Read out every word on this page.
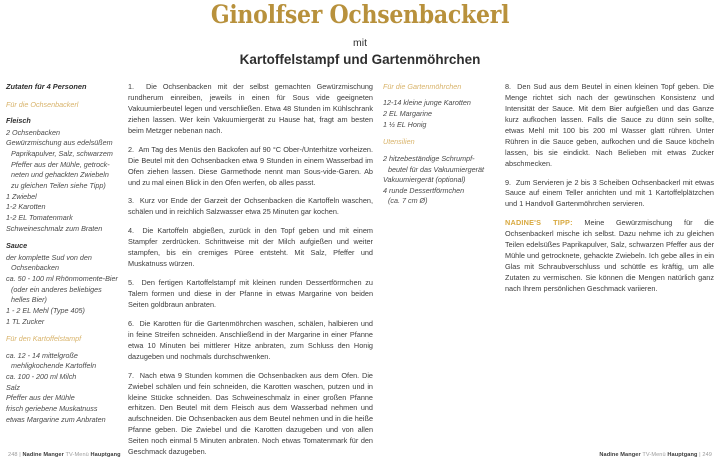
Ginolfser Ochsenbackerl
mit
Kartoffelstampf und Gartenmöhrchen
Zutaten für 4 Personen
Für die Ochsenbackerl
Fleisch
2 Ochsenbacken
Gewürzmischung aus edelsüßem
Paprikapulver, Salz, schwarzem
Pfeffer aus der Mühle, getrock-
neten und gehackten Zwiebeln
zu gleichen Teilen siehe Tipp)
1 Zwiebel
1-2 Karotten
1-2 EL Tomatenmark
Schweineschmalz zum Braten
Sauce
der komplette Sud von den
Ochsenbacken
ca. 50 - 100 ml Rhönmomente-Bier
(oder ein anderes beliebiges
helles Bier)
1 - 2 EL Mehl (Type 405)
1 TL Zucker
Für den Kartoffelstampf
ca. 12 - 14 mittelgroße
mehligkochende Kartoffeln
ca. 100 - 200 ml Milch
Salz
Pfeffer aus der Mühle
frisch geriebene Muskatnuss
etwas Margarine zum Anbraten

1. Die Ochsenbacken mit der selbst gemachten Gewürzmischung rundherum einreiben, jeweils in einen für Sous vide geeigneten Vakuumierbeutel legen und verschließen. Etwa 48 Stunden im Kühlschrank ziehen lassen. Wer kein Vakuumiergerät zu Hause hat, fragt am besten beim Metzger nebenan nach.

2. Am Tag des Menüs den Backofen auf 90 °C Ober-/Unterhitze vorheizen. Die Beutel mit den Ochsenbacken etwa 9 Stunden in einem Wasserbad im Ofen ziehen lassen. Diese Garmethode nennt man Sous-vide-Garen. Ab und zu mal einen Blick in den Ofen werfen, ob alles passt.

3. Kurz vor Ende der Garzeit der Ochsenbacken die Kartoffeln waschen, schälen und in reichlich Salzwasser etwa 25 Minuten gar kochen.

4. Die Kartoffeln abgießen, zurück in den Topf geben und mit einem Stampfer zerdrücken. Schrittweise mit der Milch aufgießen und weiter stampfen, bis ein cremiges Püree entsteht. Mit Salz, Pfeffer und Muskatnuss würzen.

5. Den fertigen Kartoffelstampf mit kleinen runden Dessertförmchen zu Talern formen und diese in der Pfanne in etwas Margarine von beiden Seiten goldbraun anbraten.

6. Die Karotten für die Gartenmöhrchen waschen, schälen, halbieren und in feine Streifen schneiden. Anschließend in der Margarine in einer Pfanne etwa 10 Minuten bei mittlerer Hitze anbraten, zum Schluss den Honig dazugeben und nochmals durchschwenken.

7. Nach etwa 9 Stunden kommen die Ochsenbacken aus dem Ofen. Die Zwiebel schälen und fein schneiden, die Karotten waschen, putzen und in kleine Stücke schneiden. Das Schweineschmalz in einer großen Pfanne erhitzen. Den Beutel mit dem Fleisch aus dem Wasserbad nehmen und aufschneiden. Die Ochsenbacken aus dem Beutel nehmen und in die heiße Pfanne geben. Die Zwiebel und die Karotten dazugeben und von allen Seiten noch einmal 5 Minuten anbraten. Noch etwas Tomatenmark für den Geschmack dazugeben.

Für die Gartenmöhrchen
12-14 kleine junge Karotten
2 EL Margarine
1 ½ EL Honig
Utensilien
2 hitzebeständige Schrumpf-
beutel für das Vakuumiergerät
Vakuumiergerät (optional)
4 runde Dessertförmchen
(ca. 7 cm Ø)

8. Den Sud aus dem Beutel in einen kleinen Topf geben. Die Menge richtet sich nach der gewünschen Konsistenz und Intensität der Sauce. Mit dem Bier aufgießen und das Ganze kurz aufkochen lassen. Falls die Sauce zu dünn sein sollte, etwas Mehl mit 100 bis 200 ml Wasser glatt rühren. Unter Rühren in die Sauce geben, aufkochen und die Sauce köcheln lassen, bis sie eindickt. Nach Belieben mit etwas Zucker abschmecken.

9. Zum Servieren je 2 bis 3 Scheiben Ochsenbackerl mit etwas Sauce auf einem Teller anrichten und mit 1 Kartoffelplätzchen und 1 Handvoll Gartenmöhrchen servieren.

NADINE'S TIPP: Meine Gewürzmischung für die Ochsenbackerl mische ich selbst. Dazu nehme ich zu gleichen Teilen edelsüßes Paprikapulver, Salz, schwarzen Pfeffer aus der Mühle und getrocknete, gehackte Zwiebeln. Ich gebe alles in ein Glas mit Schraubverschluss und schüttle es kräftig, um alle Zutaten zu vermischen. Sie können die Mengen natürlich ganz nach Ihrem persönlichen Geschmack variieren.

248 | Nadine Manger TV-Menü Hauptgang	Nadine Manger TV-Menü Hauptgang | 249
